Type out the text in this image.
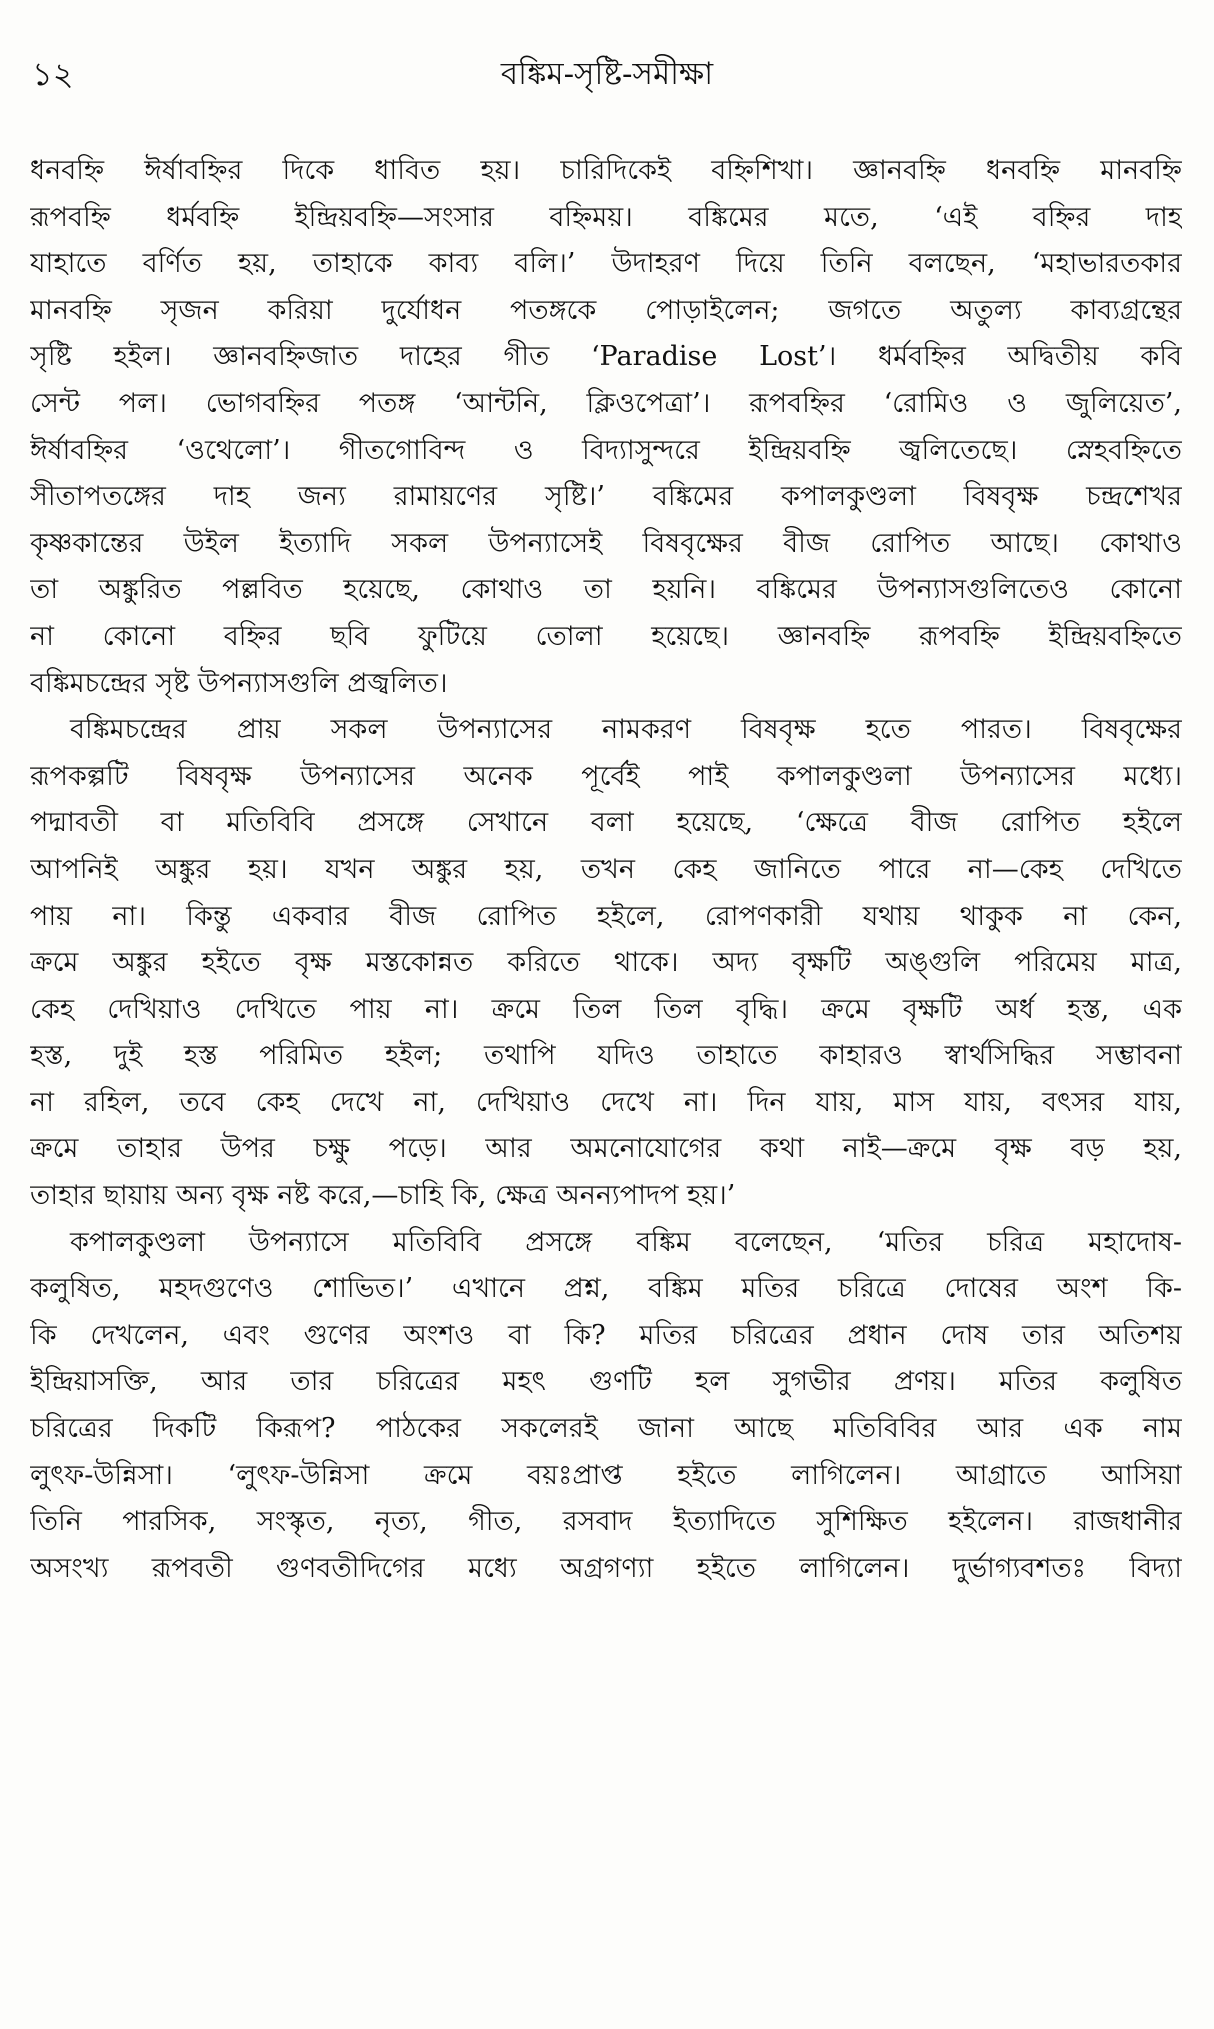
১২	বঙ্কিম-সৃষ্টি-সমীক্ষা
ধনবহ্নি ঈর্ষাবহ্নির দিকে ধাবিত হয়। চারিদিকেই বহ্নিশিখা। জ্ঞানবহ্নি ধনবহ্নি মানবহ্নি
রূপবহ্নি ধর্মবহ্নি ইন্দ্রিয়বহ্নি—সংসার বহ্নিময়। বঙ্কিমের মতে, ‘এই বহ্নির দাহ
যাহাতে বর্ণিত হয়, তাহাকে কাব্য বলি।’ উদাহরণ দিয়ে তিনি বলছেন, ‘মহাভারতকার
মানবহ্নি সৃজন করিয়া দুর্যোধন পতঙ্গকে পোড়াইলেন; জগতে অতুল্য কাব্যগ্রন্থের
সৃষ্টি হইল। জ্ঞানবহ্নিজাত দাহের গীত ‘Paradise Lost’। ধর্মবহ্নির অদ্বিতীয় কবি
সেন্ট পল। ভোগবহ্নির পতঙ্গ ‘আন্টনি, ক্লিওপেত্রা’। রূপবহ্নির ‘রোমিও ও জুলিয়েত’,
ঈর্ষাবহ্নির ‘ওথেলো’। গীতগোবিন্দ ও বিদ্যাসুন্দরে ইন্দ্রিয়বহ্নি জ্বলিতেছে। স্নেহবহ্নিতে
সীতাপতঙ্গের দাহ জন্য রামায়ণের সৃষ্টি।’ বঙ্কিমের কপালকুণ্ডলা বিষবৃক্ষ চন্দ্রশেখর
কৃষ্ণকান্তের উইল ইত্যাদি সকল উপন্যাসেই বিষবৃক্ষের বীজ রোপিত আছে। কোথাও
তা অঙ্কুরিত পল্লবিত হয়েছে, কোথাও তা হয়নি। বঙ্কিমের উপন্যাসগুলিতেও কোনো
না কোনো বহ্নির ছবি ফুটিয়ে তোলা হয়েছে। জ্ঞানবহ্নি রূপবহ্নি ইন্দ্রিয়বহ্নিতে
বঙ্কিমচন্দ্রের সৃষ্ট উপন্যাসগুলি প্রজ্বলিত।
বঙ্কিমচন্দ্রের প্রায় সকল উপন্যাসের নামকরণ বিষবৃক্ষ হতে পারত। বিষবৃক্ষের
রূপকল্পটি বিষবৃক্ষ উপন্যাসের অনেক পূর্বেই পাই কপালকুণ্ডলা উপন্যাসের মধ্যে।
পদ্মাবতী বা মতিবিবি প্রসঙ্গে সেখানে বলা হয়েছে, ‘ক্ষেত্রে বীজ রোপিত হইলে
আপনিই অঙ্কুর হয়। যখন অঙ্কুর হয়, তখন কেহ জানিতে পারে না—কেহ দেখিতে
পায় না। কিন্তু একবার বীজ রোপিত হইলে, রোপণকারী যথায় থাকুক না কেন,
ক্রমে অঙ্কুর হইতে বৃক্ষ মস্তকোন্নত করিতে থাকে। অদ্য বৃক্ষটি অঙ্গুলি পরিমেয় মাত্র,
কেহ দেখিয়াও দেখিতে পায় না। ক্রমে তিল তিল বৃদ্ধি। ক্রমে বৃক্ষটি অর্ধ হস্ত, এক
হস্ত, দুই হস্ত পরিমিত হইল; তথাপি যদিও তাহাতে কাহারও স্বার্থসিদ্ধির সম্ভাবনা
না রহিল, তবে কেহ দেখে না, দেখিয়াও দেখে না। দিন যায়, মাস যায়, বৎসর যায়,
ক্রমে তাহার উপর চক্ষু পড়ে। আর অমনোযোগের কথা নাই—ক্রমে বৃক্ষ বড় হয়,
তাহার ছায়ায় অন্য বৃক্ষ নষ্ট করে,—চাহি কি, ক্ষেত্র অনন্যপাদপ হয়।’
কপালকুণ্ডলা উপন্যাসে মতিবিবি প্রসঙ্গে বঙ্কিম বলেছেন, ‘মতির চরিত্র মহাদোষ-
কলুষিত, মহদগুণেও শোভিত।’ এখানে প্রশ্ন, বঙ্কিম মতির চরিত্রে দোষের অংশ কি-
কি দেখলেন, এবং গুণের অংশও বা কি? মতির চরিত্রের প্রধান দোষ তার অতিশয়
ইন্দ্রিয়াসক্তি, আর তার চরিত্রের মহৎ গুণটি হল সুগভীর প্রণয়। মতির কলুষিত
চরিত্রের দিকটি কিরূপ? পাঠকের সকলেরই জানা আছে মতিবিবির আর এক নাম
লুৎফ-উন্নিসা। ‘লুৎফ-উন্নিসা ক্রমে বয়ঃপ্রাপ্ত হইতে লাগিলেন। আগ্রাতে আসিয়া
তিনি পারসিক, সংস্কৃত, নৃত্য, গীত, রসবাদ ইত্যাদিতে সুশিক্ষিত হইলেন। রাজধানীর
অসংখ্য রূপবতী গুণবতীদিগের মধ্যে অগ্রগণ্যা হইতে লাগিলেন। দুর্ভাগ্যবশতঃ বিদ্যা
